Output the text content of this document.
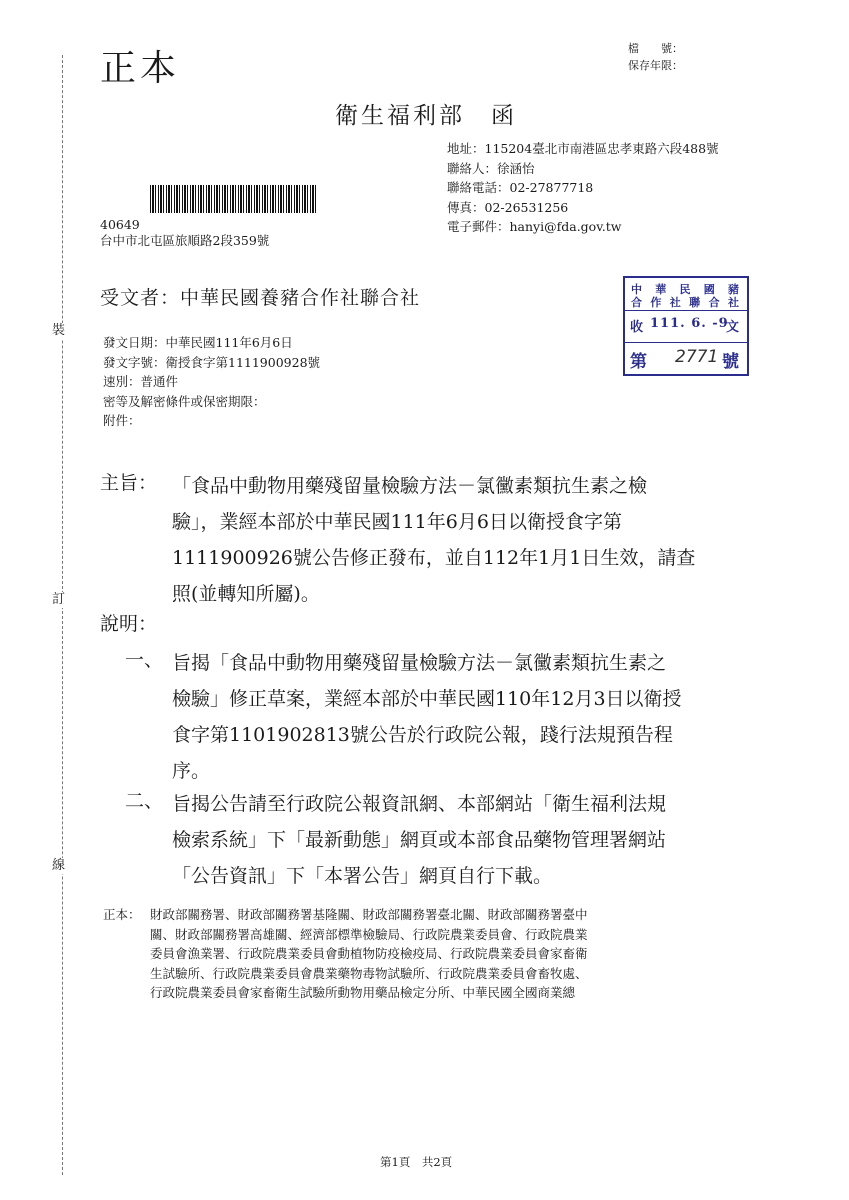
裝
訂
線
正本	檔　　號：
保存年限：
衛生福利部　函
地址：115204臺北市南港區忠孝東路六段488號
聯絡人：徐涵怡
聯絡電話：02-27877718
傳真：02-26531256
電子郵件：hanyi@fda.gov.tw
40649
台中市北屯區旅順路2段359號
受文者：中華民國養豬合作社聯合社
發文日期：中華民國111年6月6日
發文字號：衛授食字第1111900928號
速別：普通件
密等及解密條件或保密期限：
附件：
中 華 民 國 豬
合 作 社 聯 合 社
收 111. 6. -9
文
第 2771 號
主旨： 「食品中動物用藥殘留量檢驗方法－氯黴素類抗生素之檢
驗」，業經本部於中華民國111年6月6日以衛授食字第
1111900926號公告修正發布，並自112年1月1日生效，請查
照(並轉知所屬)。
說明：
一、 旨揭「食品中動物用藥殘留量檢驗方法－氯黴素類抗生素之
檢驗」修正草案，業經本部於中華民國110年12月3日以衛授
食字第1101902813號公告於行政院公報，踐行法規預告程
序。
二、 旨揭公告請至行政院公報資訊網、本部網站「衛生福利法規
檢索系統」下「最新動態」網頁或本部食品藥物管理署網站
「公告資訊」下「本署公告」網頁自行下載。
正本： 財政部關務署、財政部關務署基隆關、財政部關務署臺北關、財政部關務署臺中
關、財政部關務署高雄關、經濟部標準檢驗局、行政院農業委員會、行政院農業
委員會漁業署、行政院農業委員會動植物防疫檢疫局、行政院農業委員會家畜衛
生試驗所、行政院農業委員會農業藥物毒物試驗所、行政院農業委員會畜牧處、
行政院農業委員會家畜衛生試驗所動物用藥品檢定分所、中華民國全國商業總
第1頁　共2頁
